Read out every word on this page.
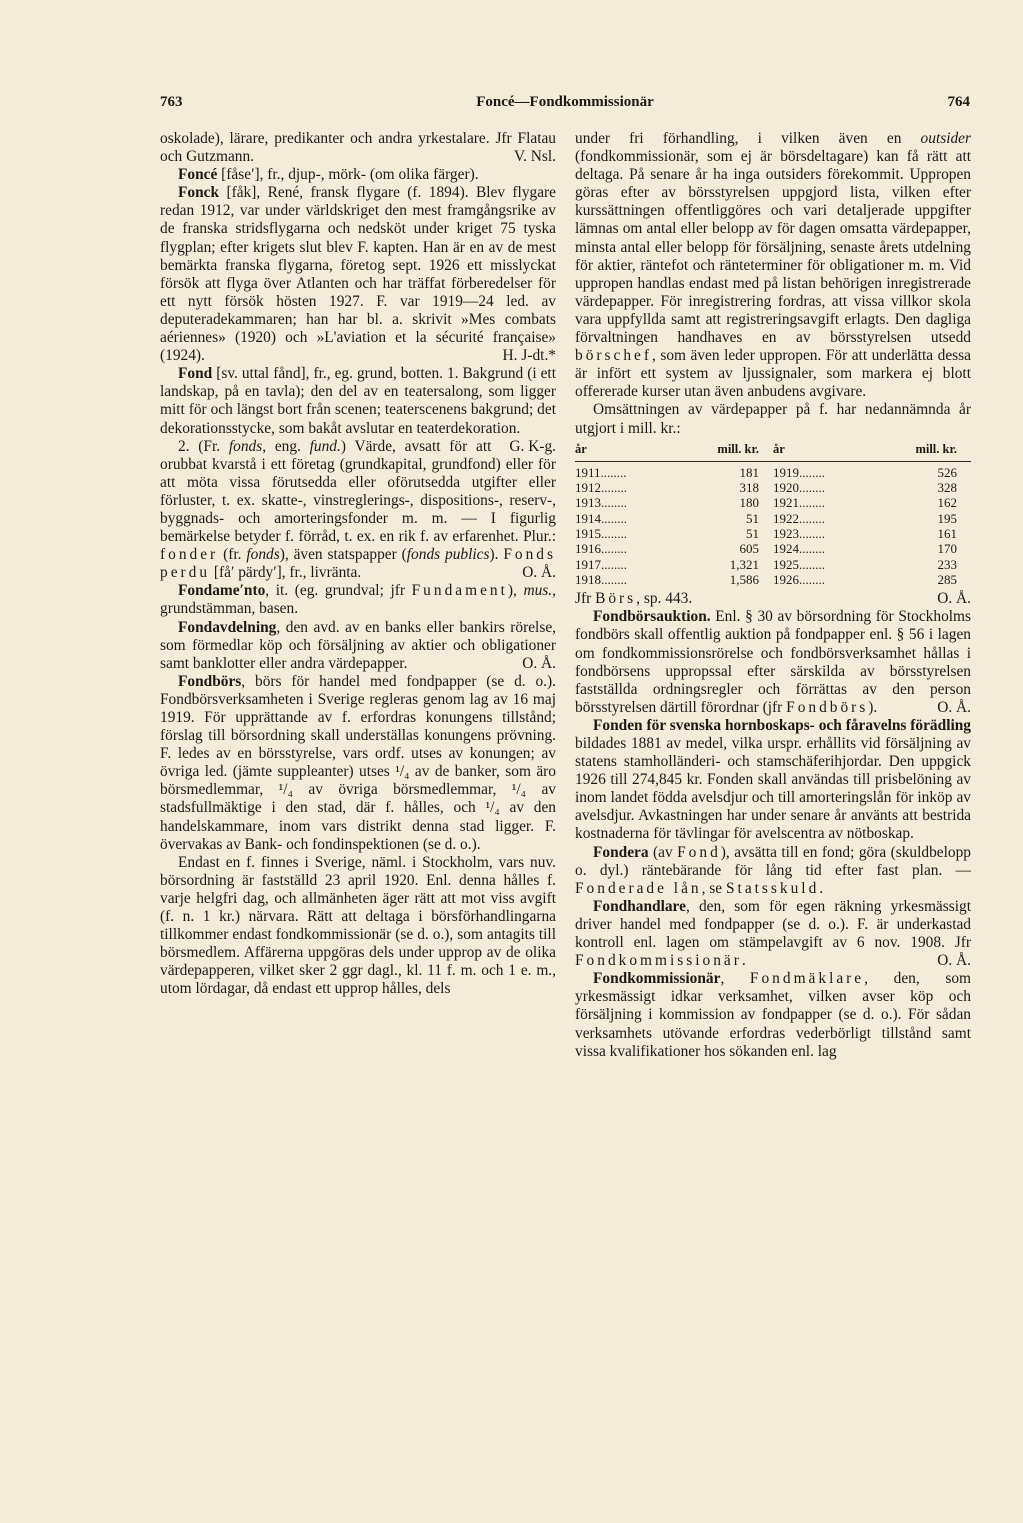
763	Foncé—Fondkommissionär	764

oskolade), lärare, predikanter och andra yrkestalare. Jfr Flatau och Gutzmann.	V. Nsl.

Foncé [fåse′], fr., djup-, mörk- (om olika färger).

Fonck [fåk], René, fransk flygare (f. 1894). Blev flygare redan 1912, var under världskriget den mest framgångsrike av de franska stridsflygarna och nedsköt under kriget 75 tyska flygplan; efter krigets slut blev F. kapten. Han är en av de mest bemärkta franska flygarna, företog sept. 1926 ett misslyckat försök att flyga över Atlanten och har träffat förberedelser för ett nytt försök hösten 1927. F. var 1919—24 led. av deputeradekammaren; han har bl. a. skrivit »Mes combats aériennes» (1920) och »L'aviation et la sécurité française» (1924).	H. J-dt.*

Fond [sv. uttal fånd], fr., eg. grund, botten. 1. Bakgrund (i ett landskap, på en tavla); den del av en teatersalong, som ligger mitt för och längst bort från scenen; teaterscenens bakgrund; det dekorationsstycke, som bakåt avslutar en teaterdekoration.
G. K-g.

2. (Fr. fonds, eng. fund.) Värde, avsatt för att orubbat kvarstå i ett företag (grundkapital, grundfond) eller för att möta vissa förutsedda eller oförutsedda utgifter eller förluster, t. ex. skatte-, vinstreglerings-, dispositions-, reserv-, byggnads- och amorteringsfonder m. m. — I figurlig bemärkelse betyder f. förråd, t. ex. en rik f. av erfarenhet. Plur.: fonder (fr. fonds), även statspapper (fonds publics). Fonds perdu [få′ pärdy′], fr., livränta.	O. Å.

Fondame′nto, it. (eg. grundval; jfr Fundament), mus., grundstämman, basen.

Fondavdelning, den avd. av en banks eller bankirs rörelse, som förmedlar köp och försäljning av aktier och obligationer samt banklotter eller andra värdepapper.	O. Å.

Fondbörs, börs för handel med fondpapper (se d. o.). Fondbörsverksamheten i Sverige regleras genom lag av 16 maj 1919. För upprättande av f. erfordras konungens tillstånd; förslag till börsordning skall underställas konungens prövning. F. ledes av en börsstyrelse, vars ordf. utses av konungen; av övriga led. (jämte suppleanter) utses ¹/₄ av de banker, som äro börsmedlemmar, ¹/₄ av övriga börsmedlemmar, ¹/₄ av stadsfullmäktige i den stad, där f. hålles, och ¹/₄ av den handelskammare, inom vars distrikt denna stad ligger. F. övervakas av Bank- och fondinspektionen (se d. o.).

Endast en f. finnes i Sverige, näml. i Stockholm, vars nuv. börsordning är fastställd 23 april 1920. Enl. denna hålles f. varje helgfri dag, och allmänheten äger rätt att mot viss avgift (f. n. 1 kr.) närvara. Rätt att deltaga i börsförhandlingarna tillkommer endast fondkommissionär (se d. o.), som antagits till börsmedlem. Affärerna uppgöras dels under upprop av de olika värdepapperen, vilket sker 2 ggr dagl., kl. 11 f. m. och 1 e. m., utom lördagar, då endast ett upprop hålles, dels

under fri förhandling, i vilken även en outsider (fondkommissionär, som ej är börsdeltagare) kan få rätt att deltaga. På senare år ha inga outsiders förekommit. Uppropen göras efter av börsstyrelsen uppgjord lista, vilken efter kurssättningen offentliggöres och vari detaljerade uppgifter lämnas om antal eller belopp av för dagen omsatta värdepapper, minsta antal eller belopp för försäljning, senaste årets utdelning för aktier, räntefot och ränteterminer för obligationer m. m. Vid uppropen handlas endast med på listan behörigen inregistrerade värdepapper. För inregistrering fordras, att vissa villkor skola vara uppfyllda samt att registreringsavgift erlagts. Den dagliga förvaltningen handhaves en av börsstyrelsen utsedd börschef, som även leder uppropen. För att underlätta dessa är infört ett system av ljussignaler, som markera ej blott offererade kurser utan även anbudens avgivare.

Omsättningen av värdepapper på f. har nedannämnda år utgjort i mill. kr.:

år	mill. kr.	år	mill. kr.

1911........	181	1919........	526
1912........	318	1920........	328
1913........	180	1921........	162
1914........	51	1922........	195
1915........	51	1923........	161
1916........	605	1924........	170
1917........	1,321	1925........	233
1918........	1,586	1926........	285

Jfr Börs, sp. 443.	O. Å.

Fondbörsauktion. Enl. § 30 av börsordning för Stockholms fondbörs skall offentlig auktion på fondpapper enl. § 56 i lagen om fondkommissionsrörelse och fondbörsverksamhet hållas i fondbörsens uppropssal efter särskilda av börsstyrelsen fastställda ordningsregler och förrättas av den person börsstyrelsen därtill förordnar (jfr Fondbörs).	O. Å.

Fonden för svenska hornboskaps- och fåravelns förädling bildades 1881 av medel, vilka urspr. erhållits vid försäljning av statens stamholländeri- och stamschäferihjordar. Den uppgick 1926 till 274,845 kr. Fonden skall användas till prisbelöning av inom landet födda avelsdjur och till amorteringslån för inköp av avelsdjur. Avkastningen har under senare år använts att bestrida kostnaderna för tävlingar för avelscentra av nötboskap.

Fondera (av Fond), avsätta till en fond; göra (skuldbelopp o. dyl.) räntebärande för lång tid efter fast plan. — Fonderade lån, se Statsskuld.

Fondhandlare, den, som för egen räkning yrkesmässigt driver handel med fondpapper (se d. o.). F. är underkastad kontroll enl. lagen om stämpelavgift av 6 nov. 1908. Jfr Fondkommissionär.	O. Å.

Fondkommissionär, Fondmäklare, den, som yrkesmässigt idkar verksamhet, vilken avser köp och försäljning i kommission av fondpapper (se d. o.). För sådan verksamhets utövande erfordras vederbörligt tillstånd samt vissa kvalifikationer hos sökanden enl. lag
